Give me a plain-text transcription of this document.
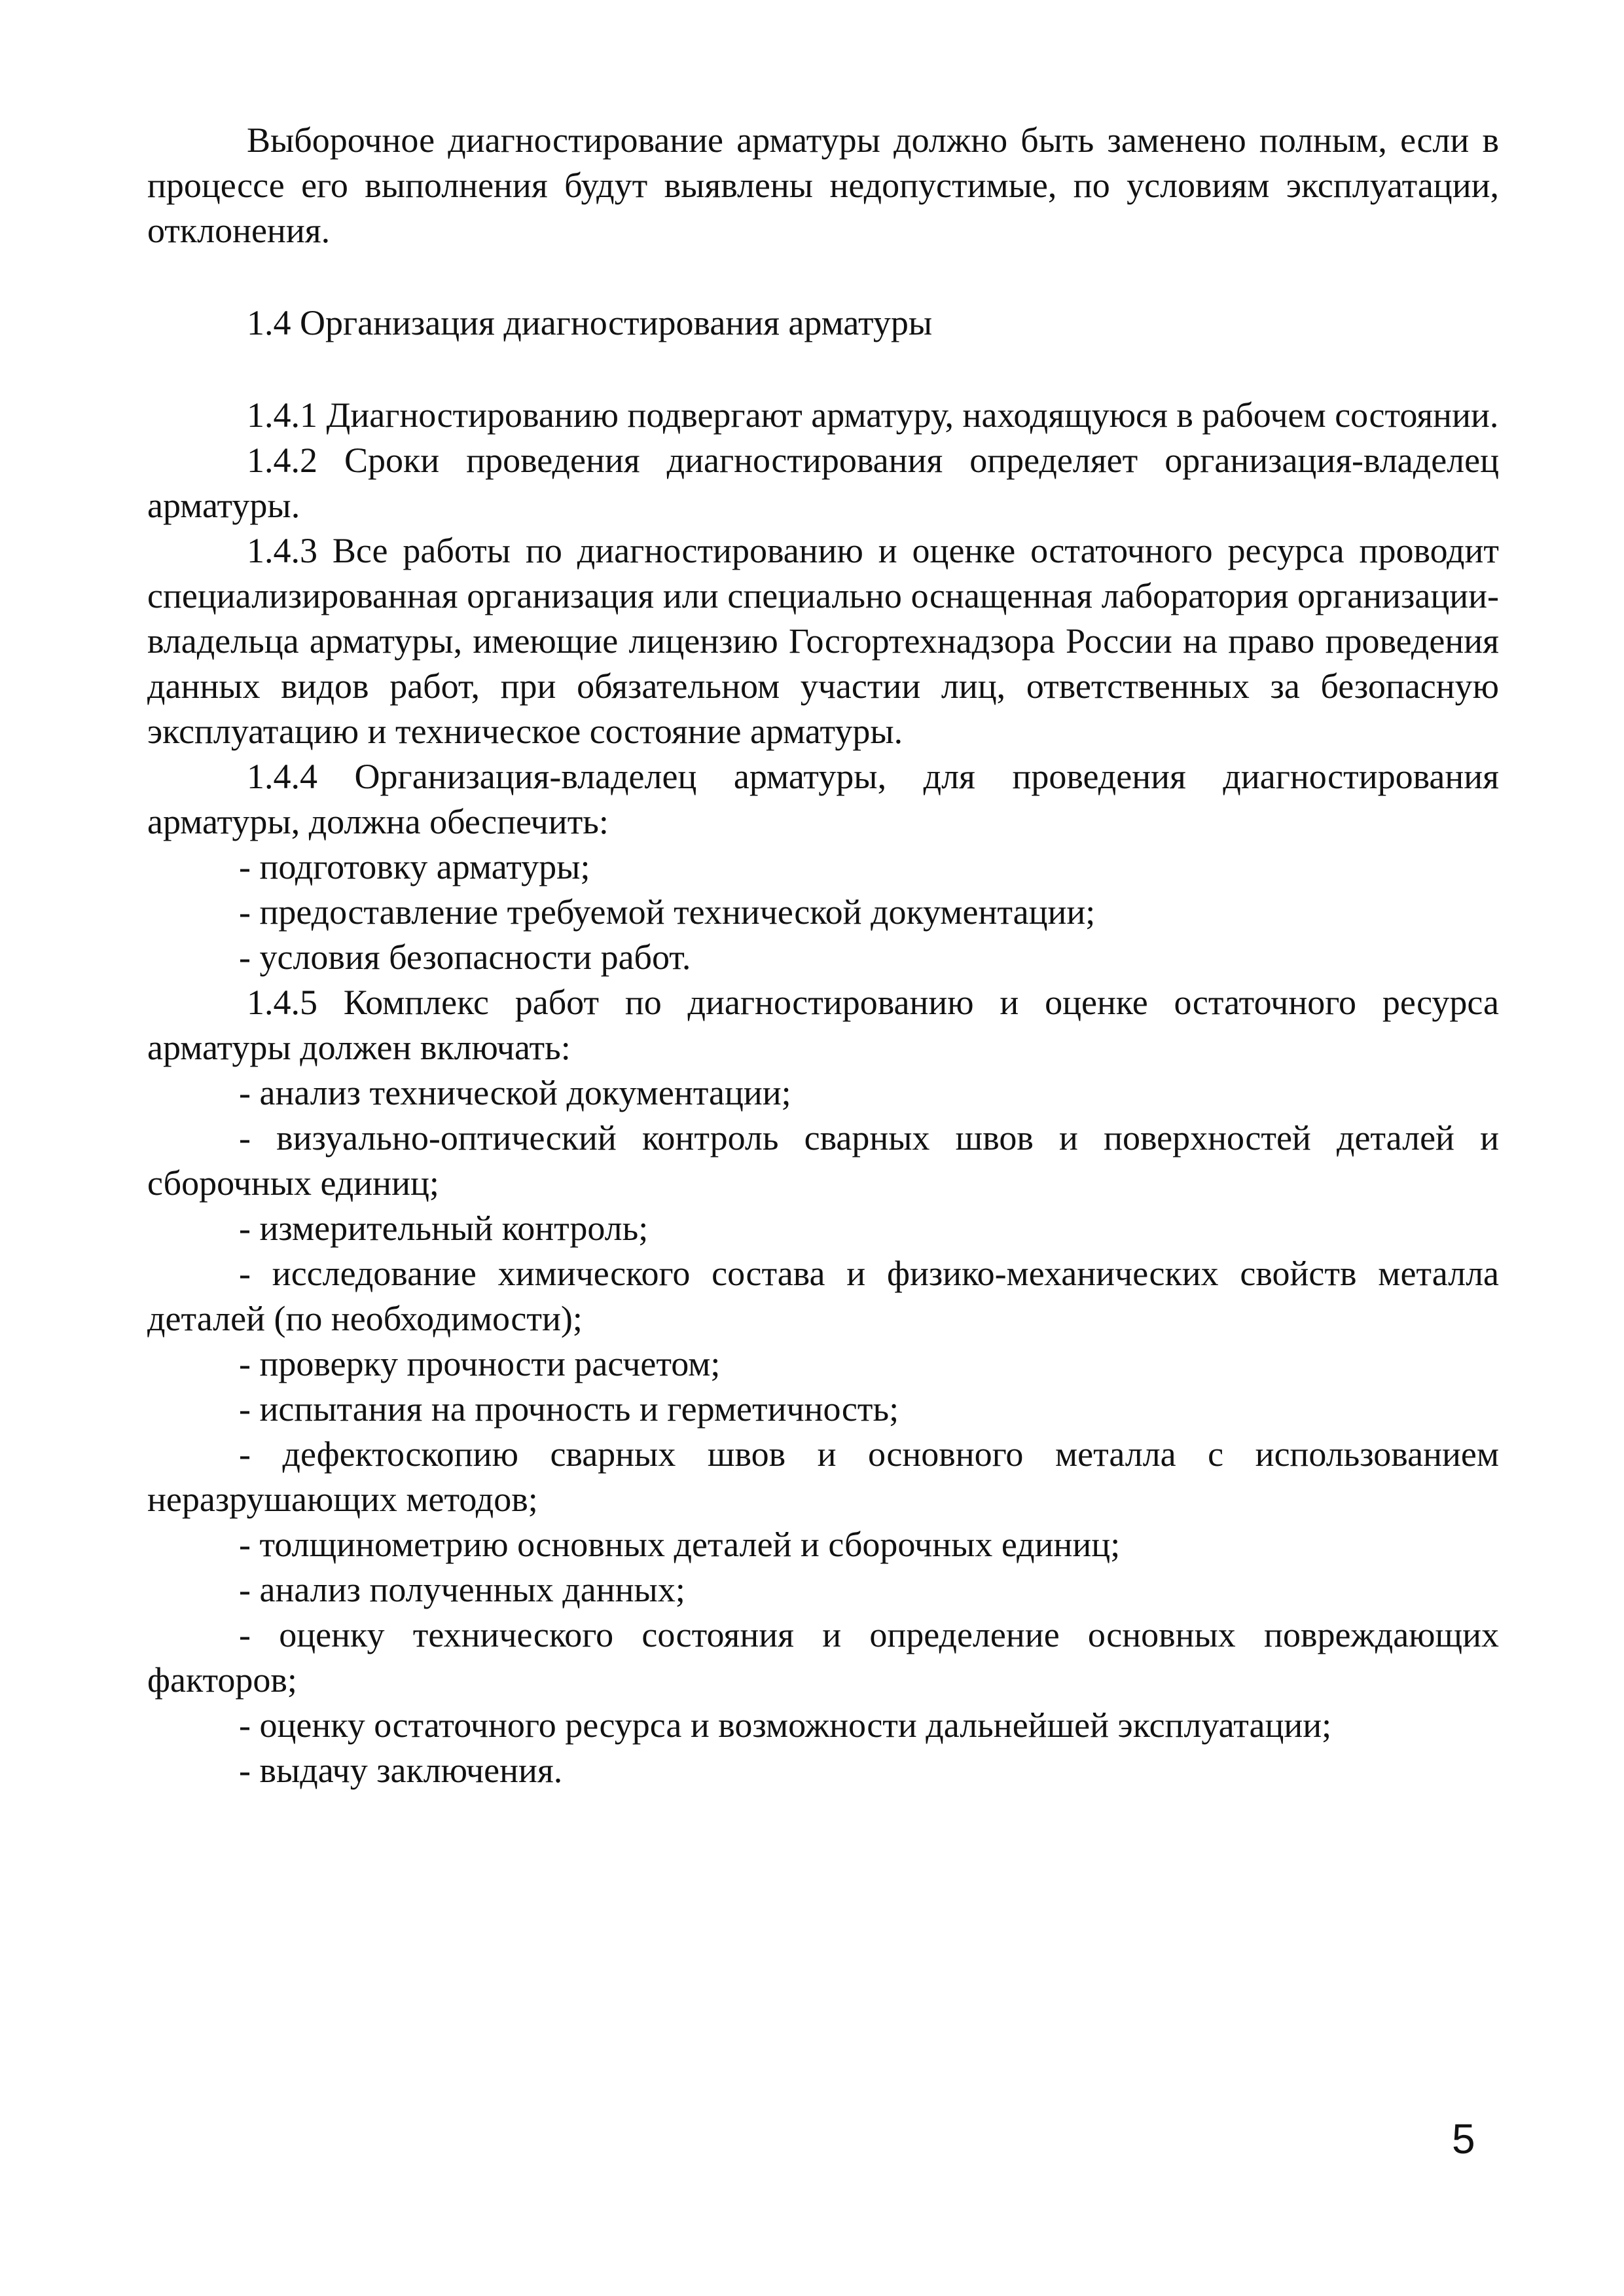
Выборочное диагностирование арматуры должно быть заменено полным, если в процессе его выполнения будут выявлены недопустимые, по условиям эксплуатации, отклонения.

1.4 Организация диагностирования арматуры

1.4.1 Диагностированию подвергают арматуру, находящуюся в рабочем состоянии.

1.4.2 Сроки проведения диагностирования определяет организация-владелец арматуры.

1.4.3 Все работы по диагностированию и оценке остаточного ресурса проводит специализированная организация или специально оснащенная лаборатория организации-владельца арматуры, имеющие лицензию Госгортехнадзора России на право проведения данных видов работ, при обязательном участии лиц, ответственных за безопасную эксплуатацию и техническое состояние арматуры.

1.4.4 Организация-владелец арматуры, для проведения диагностирования арматуры, должна обеспечить:

- подготовку арматуры;

- предоставление требуемой технической документации;

- условия безопасности работ.

1.4.5 Комплекс работ по диагностированию и оценке остаточного ресурса арматуры должен включать:

- анализ технической документации;

- визуально-оптический контроль сварных швов и поверхностей деталей и сборочных единиц;

- измерительный контроль;

- исследование химического состава и физико-механических свойств металла деталей (по необходимости);

- проверку прочности расчетом;

- испытания на прочность и герметичность;

- дефектоскопию сварных швов и основного металла с использованием неразрушающих методов;

- толщинометрию основных деталей и сборочных единиц;

- анализ полученных данных;

- оценку технического состояния и определение основных повреждающих факторов;

- оценку остаточного ресурса и возможности дальнейшей эксплуатации;

- выдачу заключения.

5
